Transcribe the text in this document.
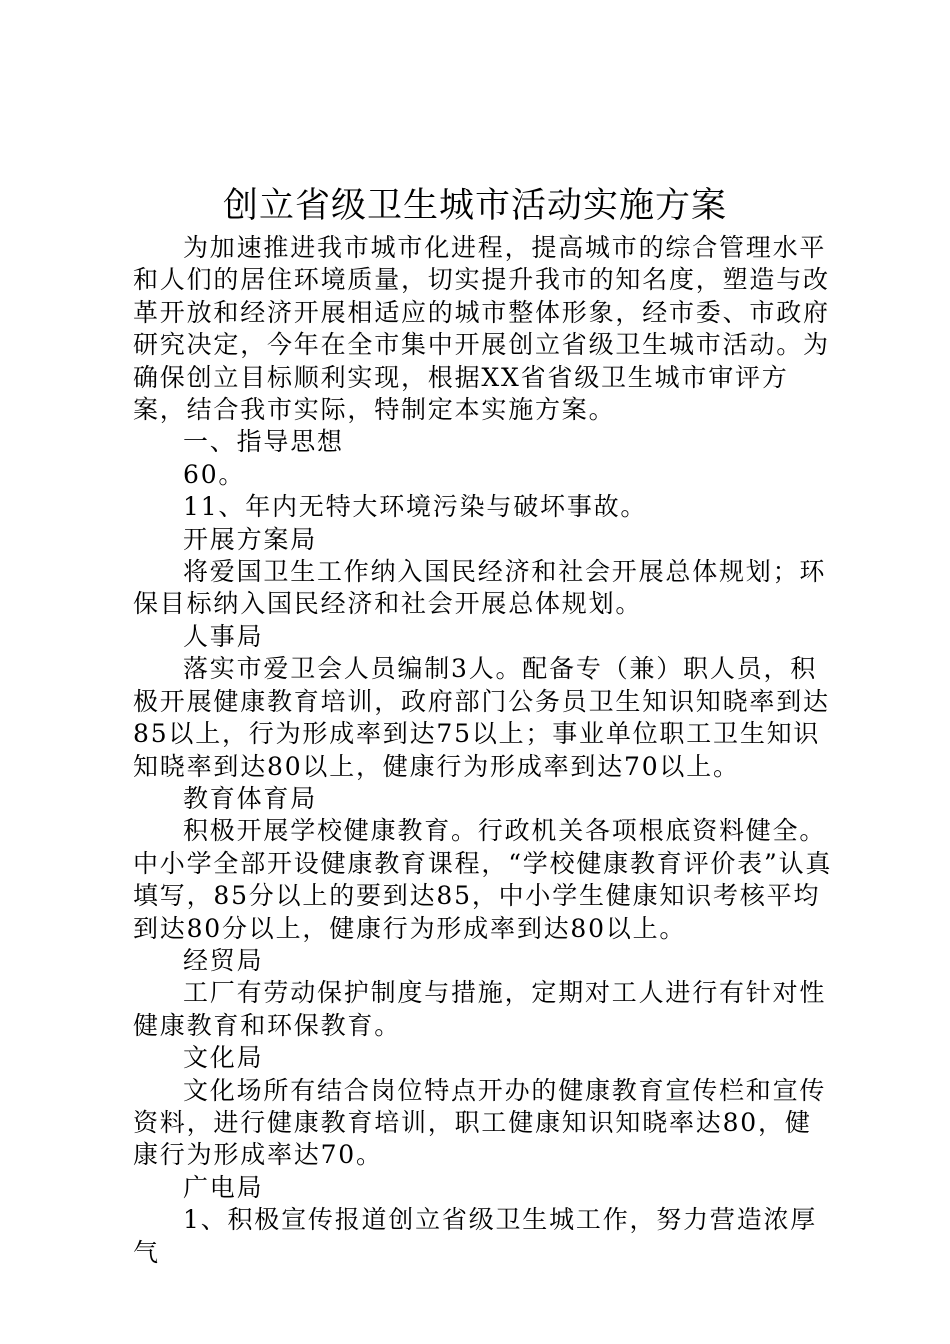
创立省级卫生城市活动实施方案

为加速推进我市城市化进程，提高城市的综合管理水平和人们的居住环境质量，切实提升我市的知名度，塑造与改革开放和经济开展相适应的城市整体形象，经市委、市政府研究决定，今年在全市集中开展创立省级卫生城市活动。为确保创立目标顺利实现，根据XX省省级卫生城市审评方案，结合我市实际，特制定本实施方案。

一、指导思想

60。

11、年内无特大环境污染与破坏事故。

开展方案局

将爱国卫生工作纳入国民经济和社会开展总体规划；环保目标纳入国民经济和社会开展总体规划。

人事局

落实市爱卫会人员编制3人。配备专（兼）职人员，积极开展健康教育培训，政府部门公务员卫生知识知晓率到达85以上，行为形成率到达75以上；事业单位职工卫生知识知晓率到达80以上，健康行为形成率到达70以上。

教育体育局

积极开展学校健康教育。行政机关各项根底资料健全。中小学全部开设健康教育课程，“学校健康教育评价表”认真填写，85分以上的要到达85，中小学生健康知识考核平均到达80分以上，健康行为形成率到达80以上。

经贸局

工厂有劳动保护制度与措施，定期对工人进行有针对性健康教育和环保教育。

文化局

文化场所有结合岗位特点开办的健康教育宣传栏和宣传资料，进行健康教育培训，职工健康知识知晓率达80，健康行为形成率达70。

广电局

1、积极宣传报道创立省级卫生城工作，努力营造浓厚气
